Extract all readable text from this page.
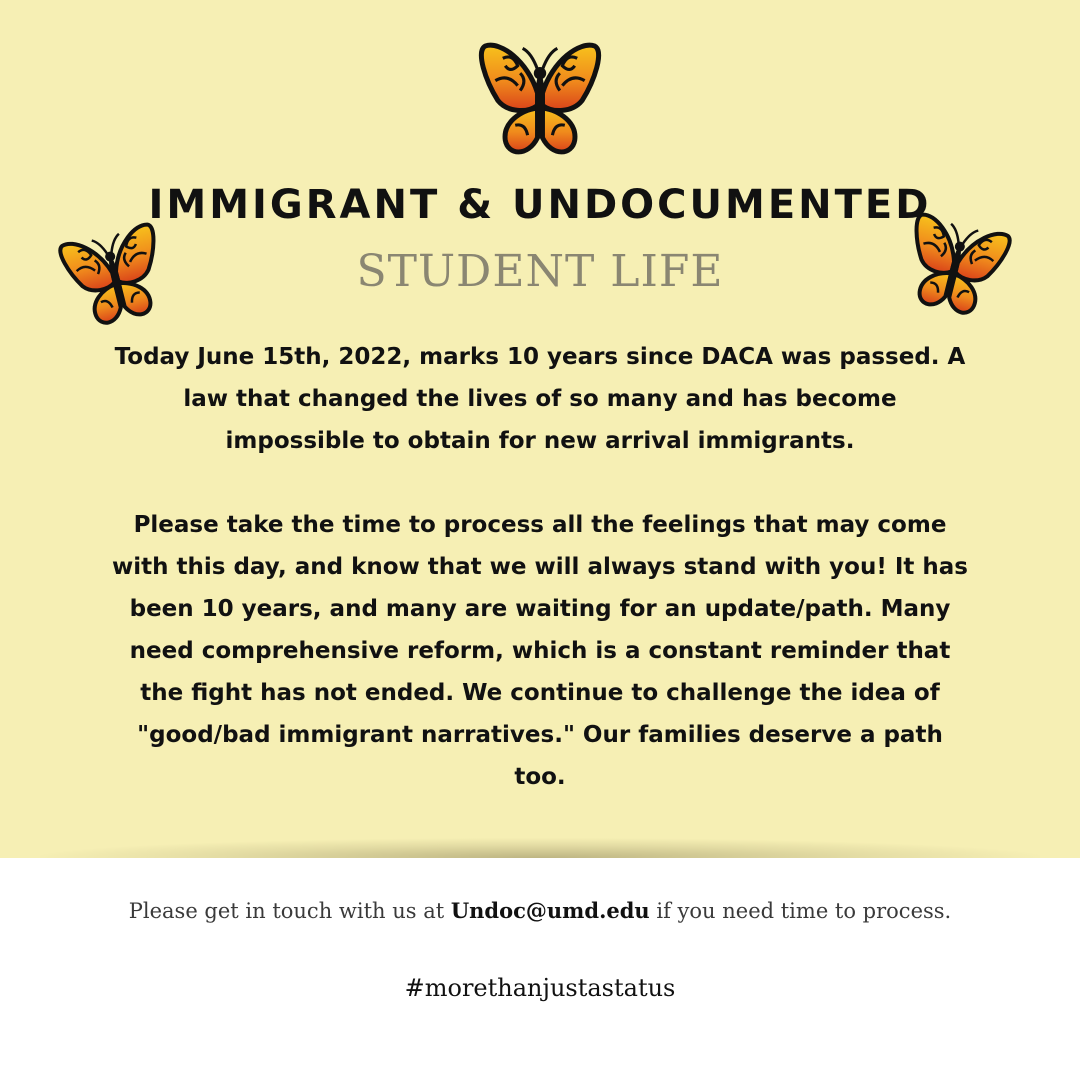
IMMIGRANT & UNDOCUMENTED
STUDENT LIFE

Today June 15th, 2022, marks 10 years since DACA was passed. A law that changed the lives of so many and has become impossible to obtain for new arrival immigrants.

Please take the time to process all the feelings that may come with this day, and know that we will always stand with you! It has been 10 years, and many are waiting for an update/path. Many need comprehensive reform, which is a constant reminder that the fight has not ended. We continue to challenge the idea of "good/bad immigrant narratives." Our families deserve a path too.

Please get in touch with us at Undoc@umd.edu if you need time to process.
#morethanjustastatus
